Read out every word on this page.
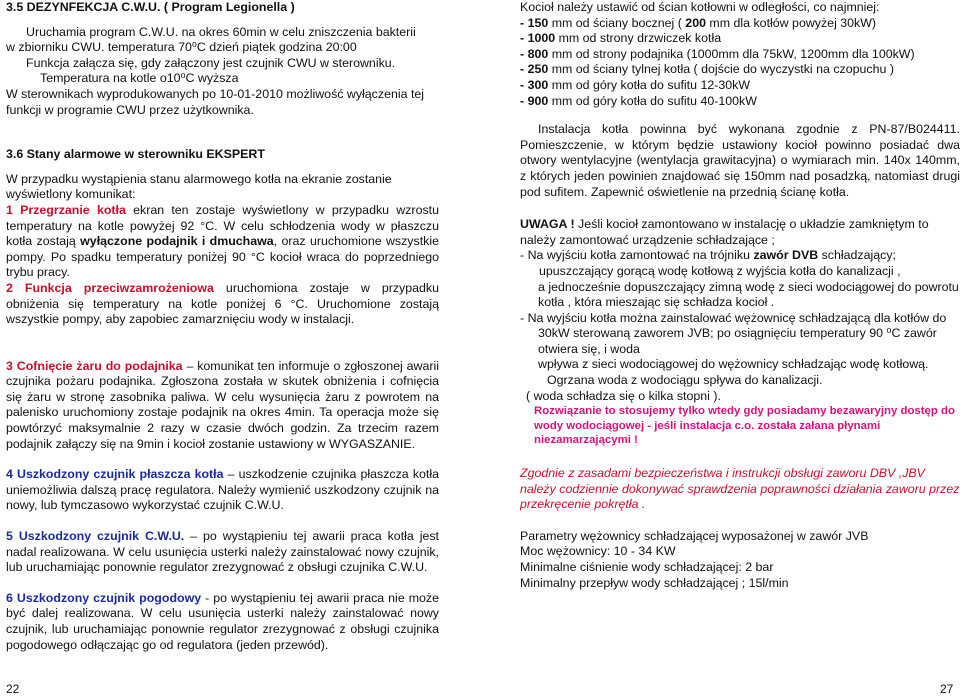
3.5 DEZYNFEKCJA C.W.U. ( Program Legionella )

Uruchamia program C.W.U. na okres 60min w celu zniszczenia bakterii

w zbiorniku CWU. temperatura 70⁰C dzień piątek godzina 20:00

Funkcja załącza się, gdy załączony jest czujnik CWU w sterowniku.

Temperatura na kotle o10⁰C wyższa

W sterownikach wyprodukowanych po 10-01-2010 możliwość wyłączenia tej

funkcji w programie CWU przez użytkownika.

3.6 Stany alarmowe w sterowniku EKSPERT

W przypadku wystąpienia stanu alarmowego kotła na ekranie zostanie wyświetlony komunikat:

1 Przegrzanie kotła ekran ten zostaje wyświetlony w przypadku wzrostu temperatury na kotle powyżej 92 °C. W celu schłodzenia wody w płaszczu kotła zostają wyłączone podajnik i dmuchawa, oraz uruchomione wszystkie pompy. Po spadku temperatury poniżej 90 °C kocioł wraca do poprzedniego trybu pracy.

2 Funkcja przeciwzamrożeniowa uruchomiona zostaje w przypadku obniżenia się temperatury na kotle poniżej 6 °C. Uruchomione zostają wszystkie pompy, aby zapobiec zamarznięciu wody w instalacji.

3 Cofnięcie żaru do podajnika – komunikat ten informuje o zgłoszonej awarii czujnika pożaru podajnika. Zgłoszona została w skutek obniżenia i cofnięcia się żaru w stronę zasobnika paliwa. W celu wysunięcia żaru z powrotem na palenisko uruchomiony zostaje podajnik na okres 4min. Ta operacja może się powtórzyć maksymalnie 2 razy w czasie dwóch godzin. Za trzecim razem podajnik załączy się na 9min i kocioł zostanie ustawiony w WYGASZANIE.

4 Uszkodzony czujnik płaszcza kotła – uszkodzenie czujnika płaszcza kotła uniemożliwia dalszą pracę regulatora. Należy wymienić uszkodzony czujnik na nowy, lub tymczasowo wykorzystać czujnik C.W.U.

5 Uszkodzony czujnik C.W.U. – po wystąpieniu tej awarii praca kotła jest nadal realizowana. W celu usunięcia usterki należy zainstalować nowy czujnik, lub uruchamiając ponownie regulator zrezygnować z obsługi czujnika C.W.U.

6 Uszkodzony czujnik pogodowy - po wystąpieniu tej awarii praca nie może być dalej realizowana. W celu usunięcia usterki należy zainstalować nowy czujnik, lub uruchamiając ponownie regulator zrezygnować z obsługi czujnika pogodowego odłączając go od regulatora (jeden przewód).

22

Kocioł należy ustawić od ścian kotłowni w odległości, co najmniej:

- 150 mm od ściany bocznej ( 200 mm dla kotłów powyżej 30kW)

- 1000 mm od strony drzwiczek kotła

- 800 mm od strony podajnika (1000mm dla 75kW, 1200mm dla 100kW)

- 250 mm od ściany tylnej kotła ( dojście do wyczystki na czopuchu )

- 300 mm od góry kotła do sufitu 12-30kW

- 900 mm od góry kotła do sufitu 40-100kW

Instalacja kotła powinna być wykonana zgodnie z PN-87/B024411. Pomieszczenie, w którym będzie ustawiony kocioł powinno posiadać dwa otwory wentylacyjne (wentylacja grawitacyjna) o wymiarach min. 140x 140mm, z których jeden powinien znajdować się 150mm nad posadzką, natomiast drugi pod sufitem. Zapewnić oświetlenie na przednią ścianę kotła.

UWAGA ! Jeśli kocioł zamontowano w instalację o układzie zamkniętym to należy zamontować urządzenie schładzające ;

- Na wyjściu kotła zamontować na trójniku zawór DVB schładzający;

upuszczający gorącą wodę kotłową z wyjścia kotła do kanalizacji ,

a jednocześnie dopuszczający zimną wodę z sieci wodociągowej do powrotu

kotła , która mieszając się schładza kocioł .

- Na wyjściu kotła można zainstalować wężownicę schładzającą dla kotłów do

30kW sterowaną zaworem JVB; po osiągnięciu temperatury 90 ⁰C zawór

otwiera się, i woda

wpływa z sieci wodociągowej do wężownicy schładzając wodę kotłową.

Ogrzana woda z wodociągu spływa do kanalizacji.

( woda schładza się o kilka stopni ).

Rozwiązanie to stosujemy tylko wtedy gdy posiadamy bezawaryjny dostęp do wody wodociągowej - jeśli instalacja c.o. została załana płynami niezamarzającymi !

Zgodnie z zasadami bezpieczeństwa i instrukcji obsługi zaworu DBV ,JBV należy codziennie dokonywać sprawdzenia poprawności działania zaworu przez przekręcenie pokrętła .

Parametry wężownicy schładzającej wyposażonej w zawór JVB

Moc wężownicy: 10 - 34 KW

Minimalne ciśnienie wody schładzającej: 2 bar

Minimalny przepływ wody schładzającej ; 15l/min

27
